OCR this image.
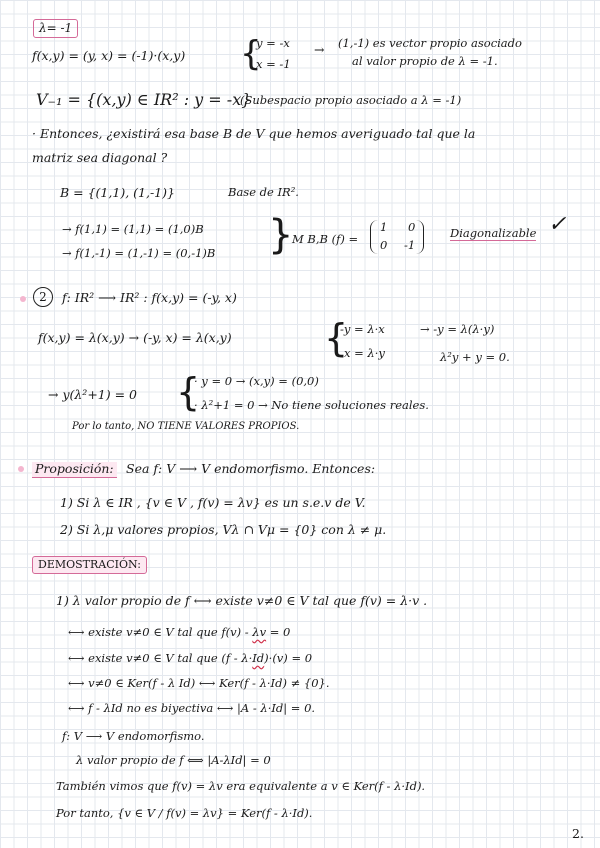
λ= -1
f(x,y) = (y, x) = (-1)·(x,y) {
y = -x
x = -1
→ (1,-1) es vector propio asociado
al valor propio de λ = -1.
V₋₁ = {(x,y) ∈ IR² : y = -x}
(Subespacio propio asociado a λ = -1)
· Entonces, ¿existirá esa base B de V que hemos averiguado tal que la
matriz sea diagonal ?
B = {(1,1), (1,-1)}	Base de IR².
→ f(1,1) = (1,1) = (1,0)B
→ f(1,-1) = (1,-1) = (0,-1)B }
M B,B (f) =
1 0
0 -1
Diagonalizable ✓
2	f: IR² ⟶ IR² : f(x,y) = (-y, x)
f(x,y) = λ(x,y) → (-y, x) = λ(x,y) {
-y = λ·x
x = λ·y
→ -y = λ(λ·y)
λ²y + y = 0.
→ y(λ²+1) = 0 {
· y = 0 → (x,y) = (0,0)
· λ²+1 = 0 → No tiene soluciones reales.
Por lo tanto, NO TIENE VALORES PROPIOS.
Proposición: Sea f: V ⟶ V endomorfismo. Entonces:
1) Si λ ∈ IR , {v ∈ V , f(v) = λv} es un s.e.v de V.
2) Si λ,μ valores propios, Vλ ∩ Vμ = {0} con λ ≠ μ.
DEMOSTRACIÓN:
1) λ valor propio de f ⟷ existe v≠0 ∈ V tal que f(v) = λ·v .
⟷ existe v≠0 ∈ V tal que f(v) - λv = 0
⟷ existe v≠0 ∈ V tal que (f - λ·Id)·(v) = 0
⟷ v≠0 ∈ Ker(f - λ Id) ⟷ Ker(f - λ·Id) ≠ {0}.
⟷ f - λId no es biyectiva ⟷ |A - λ·Id| = 0.
f: V ⟶ V endomorfismo.
λ valor propio de f ⟺ |A-λId| = 0
También vimos que f(v) = λv era equivalente a v ∈ Ker(f - λ·Id).
Por tanto, {v ∈ V / f(v) = λv} = Ker(f - λ·Id).
2.
